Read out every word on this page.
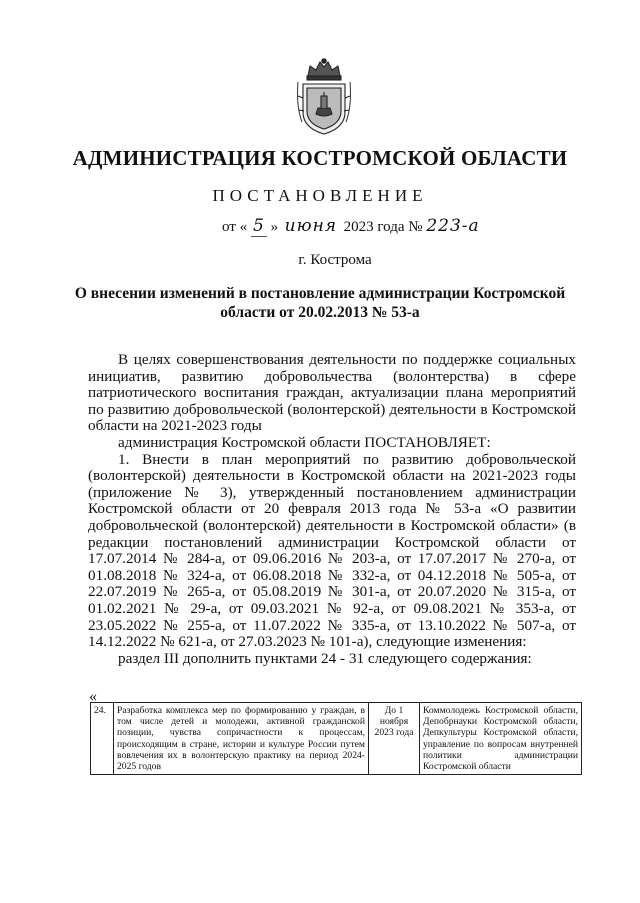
АДМИНИСТРАЦИЯ КОСТРОМСКОЙ ОБЛАСТИ
ПОСТАНОВЛЕНИЕ
от « 5 » июня 2023 года № 223-а
г. Кострома
О внесении изменений в постановление администрации Костромской области от 20.02.2013 № 53-а

В целях совершенствования деятельности по поддержке социальных инициатив, развитию добровольчества (волонтерства) в сфере патриотического воспитания граждан, актуализации плана мероприятий по развитию добровольческой (волонтерской) деятельности в Костромской области на 2021-2023 годы

администрация Костромской области ПОСТАНОВЛЯЕТ:

1. Внести в план мероприятий по развитию добровольческой (волонтерской) деятельности в Костромской области на 2021-2023 годы (приложение № 3), утвержденный постановлением администрации Костромской области от 20 февраля 2013 года № 53-а «О развитии добровольческой (волонтерской) деятельности в Костромской области» (в редакции постановлений администрации Костромской области от 17.07.2014 № 284-а, от 09.06.2016 № 203-а, от 17.07.2017 № 270-а, от 01.08.2018 № 324-а, от 06.08.2018 № 332-а, от 04.12.2018 № 505-а, от 22.07.2019 № 265-а, от 05.08.2019 № 301-а, от 20.07.2020 № 315-а, от 01.02.2021 № 29-а, от 09.03.2021 № 92-а, от 09.08.2021 № 353-а, от 23.05.2022 № 255-а, от 11.07.2022 № 335-а, от 13.10.2022 № 507-а, от 14.12.2022 № 621-а, от 27.03.2023 № 101-а), следующие изменения:

раздел III дополнить пунктами 24 - 31 следующего содержания:

«
24.	Разработка комплекса мер по формированию у граждан, в том числе детей и молодежи, активной гражданской позиции, чувства сопричастности к процессам, происходящим в стране, истории и культуре России путем вовлечения их в волонтерскую практику на период 2024-2025 годов	До 1 ноября 2023 года	Коммолодежь Костромской области, Депобрнауки Костромской области, Депкультуры Костромской области, управление по вопросам внутренней политики администрации Костромской области
